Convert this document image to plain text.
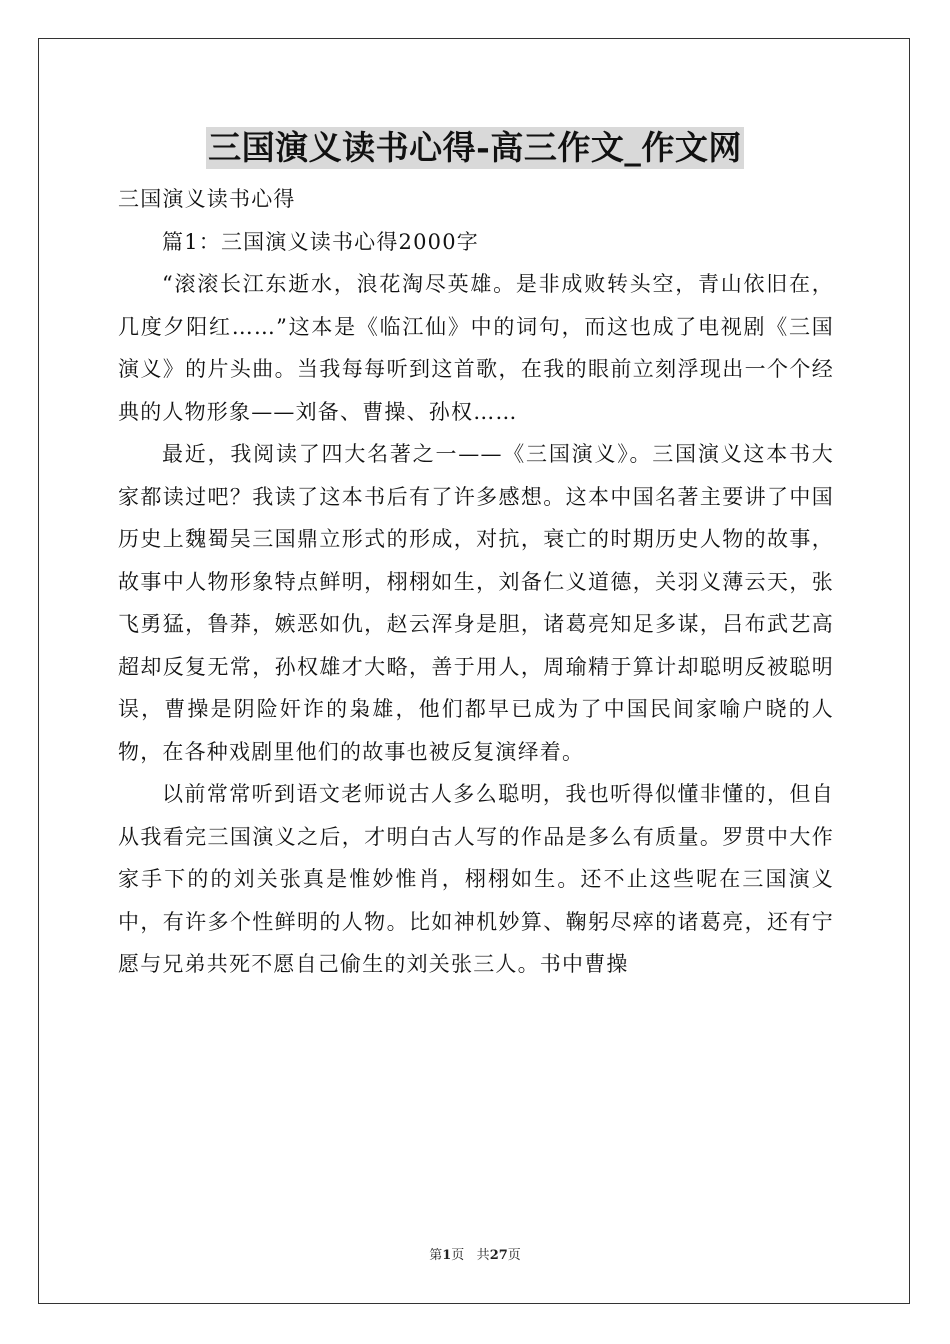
三国演义读书心得-高三作文_作文网

三国演义读书心得

篇1：三国演义读书心得2000字

“滚滚长江东逝水，浪花淘尽英雄。是非成败转头空，青山依旧在，几度夕阳红……”这本是《临江仙》中的词句，而这也成了电视剧《三国演义》的片头曲。当我每每听到这首歌，在我的眼前立刻浮现出一个个经典的人物形象——刘备、曹操、孙权……

最近，我阅读了四大名著之一——《三国演义》。三国演义这本书大家都读过吧？我读了这本书后有了许多感想。这本中国名著主要讲了中国历史上魏蜀吴三国鼎立形式的形成，对抗，衰亡的时期历史人物的故事，故事中人物形象特点鲜明，栩栩如生，刘备仁义道德，关羽义薄云天，张飞勇猛，鲁莽，嫉恶如仇，赵云浑身是胆，诸葛亮知足多谋，吕布武艺高超却反复无常，孙权雄才大略，善于用人，周瑜精于算计却聪明反被聪明误，曹操是阴险奸诈的枭雄，他们都早已成为了中国民间家喻户晓的人物，在各种戏剧里他们的故事也被反复演绎着。

以前常常听到语文老师说古人多么聪明，我也听得似懂非懂的，但自从我看完三国演义之后，才明白古人写的作品是多么有质量。罗贯中大作家手下的的刘关张真是惟妙惟肖，栩栩如生。还不止这些呢在三国演义中，有许多个性鲜明的人物。比如神机妙算、鞠躬尽瘁的诸葛亮，还有宁愿与兄弟共死不愿自己偷生的刘关张三人。书中曹操

第1页 共27页
